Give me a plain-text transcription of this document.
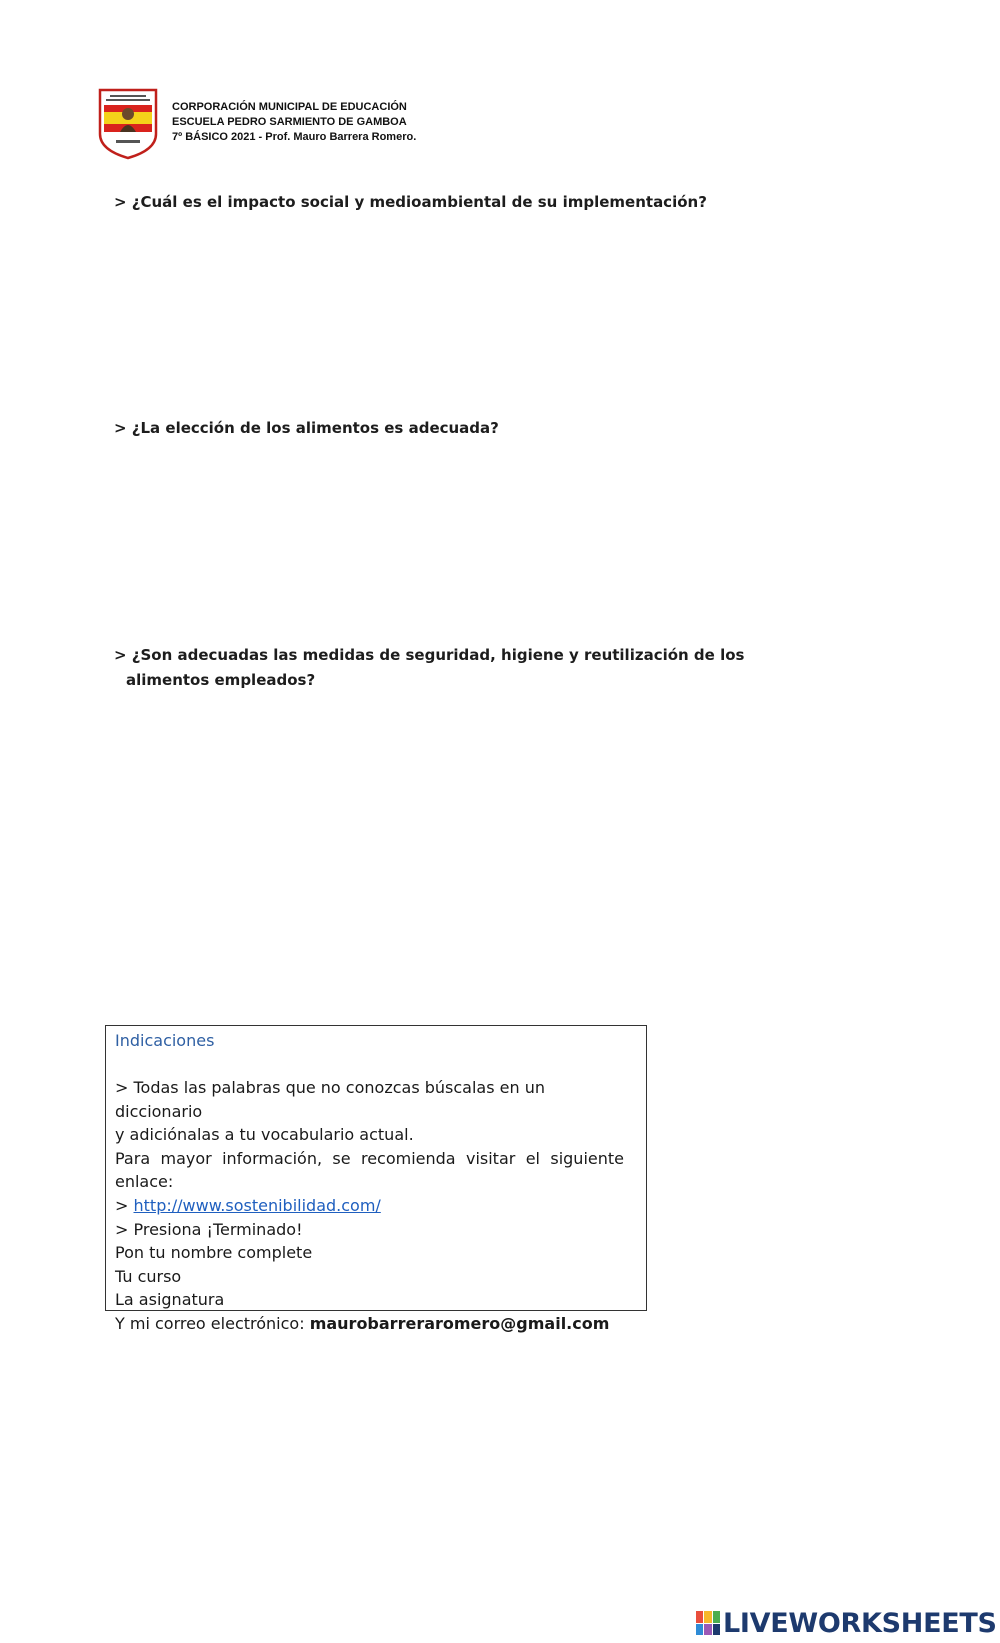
CORPORACIÓN MUNICIPAL DE EDUCACIÓN
ESCUELA PEDRO SARMIENTO DE GAMBOA
7º BÁSICO 2021 - Prof. Mauro Barrera Romero.
> ¿Cuál es el impacto social y medioambiental de su implementación?
> ¿La elección de los alimentos es adecuada?
> ¿Son adecuadas las medidas de seguridad, higiene y reutilización de los
alimentos empleados?
Indicaciones
> Todas las palabras que no conozcas búscalas en un diccionario
y adiciónalas a tu vocabulario actual.
Para mayor información, se recomienda visitar el siguiente
enlace:
> http://www.sostenibilidad.com/
> Presiona ¡Terminado!
Pon tu nombre complete
Tu curso
La asignatura
Y mi correo electrónico: maurobarreraromero@gmail.com
LIVEWORKSHEETS
